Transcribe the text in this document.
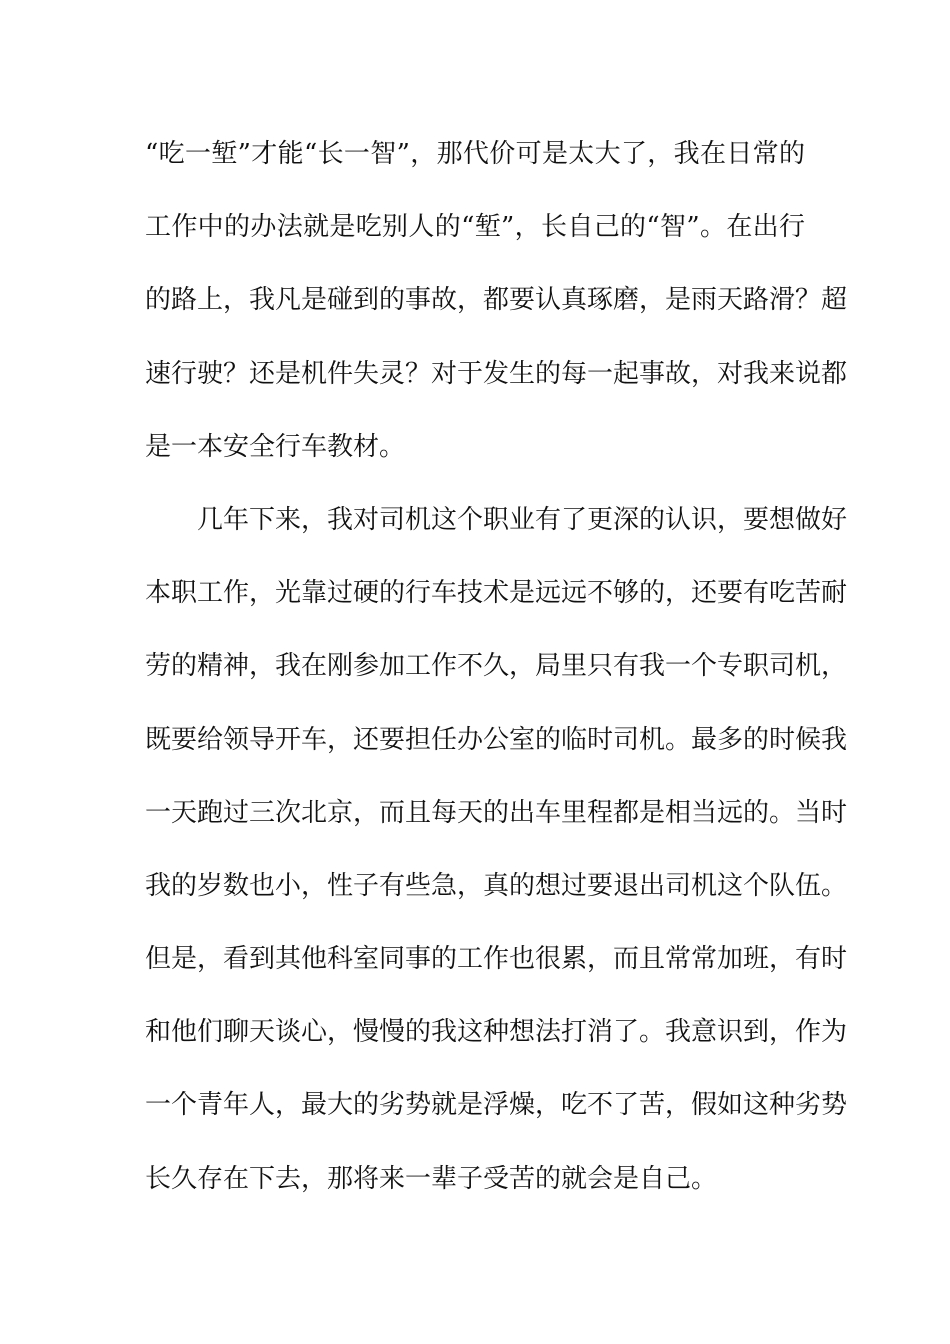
“吃一堑”才能“长一智”，那代价可是太大了，我在日常的
工作中的办法就是吃别人的“堑”，长自己的“智”。在出行
的路上，我凡是碰到的事故，都要认真琢磨，是雨天路滑？超
速行驶？还是机件失灵？对于发生的每一起事故，对我来说都
是一本安全行车教材。
几年下来，我对司机这个职业有了更深的认识，要想做好
本职工作，光靠过硬的行车技术是远远不够的，还要有吃苦耐
劳的精神，我在刚参加工作不久，局里只有我一个专职司机，
既要给领导开车，还要担任办公室的临时司机。最多的时候我
一天跑过三次北京，而且每天的出车里程都是相当远的。当时
我的岁数也小，性子有些急，真的想过要退出司机这个队伍。
但是，看到其他科室同事的工作也很累，而且常常加班，有时
和他们聊天谈心，慢慢的我这种想法打消了。我意识到，作为
一个青年人，最大的劣势就是浮燥，吃不了苦，假如这种劣势
长久存在下去，那将来一辈子受苦的就会是自己。
